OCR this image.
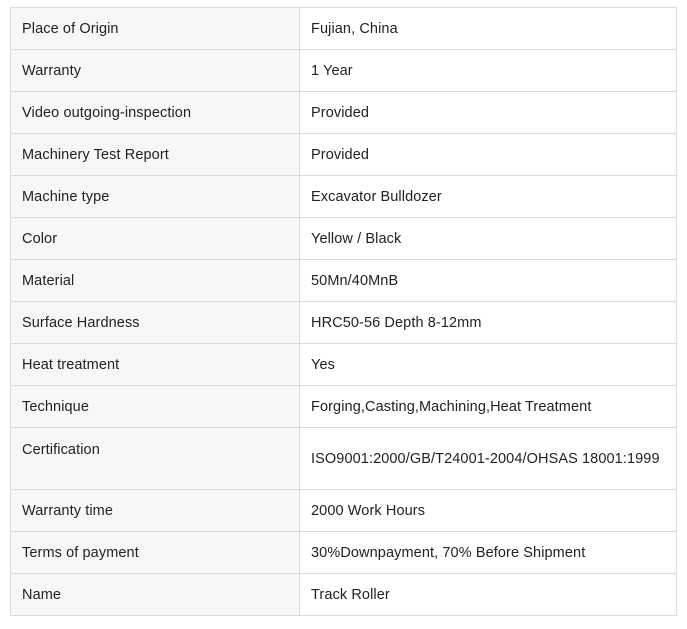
Place of Origin	Fujian, China
Warranty	1 Year
Video outgoing-inspection	Provided
Machinery Test Report	Provided
Machine type	Excavator Bulldozer
Color	Yellow / Black
Material	50Mn/40MnB
Surface Hardness	HRC50-56 Depth 8-12mm
Heat treatment	Yes
Technique	Forging,Casting,Machining,Heat Treatment
Certification	ISO9001:2000/GB/T24001-2004/OHSAS 18001:1999
Warranty time	2000 Work Hours
Terms of payment	30%Downpayment, 70% Before Shipment
Name	Track Roller
